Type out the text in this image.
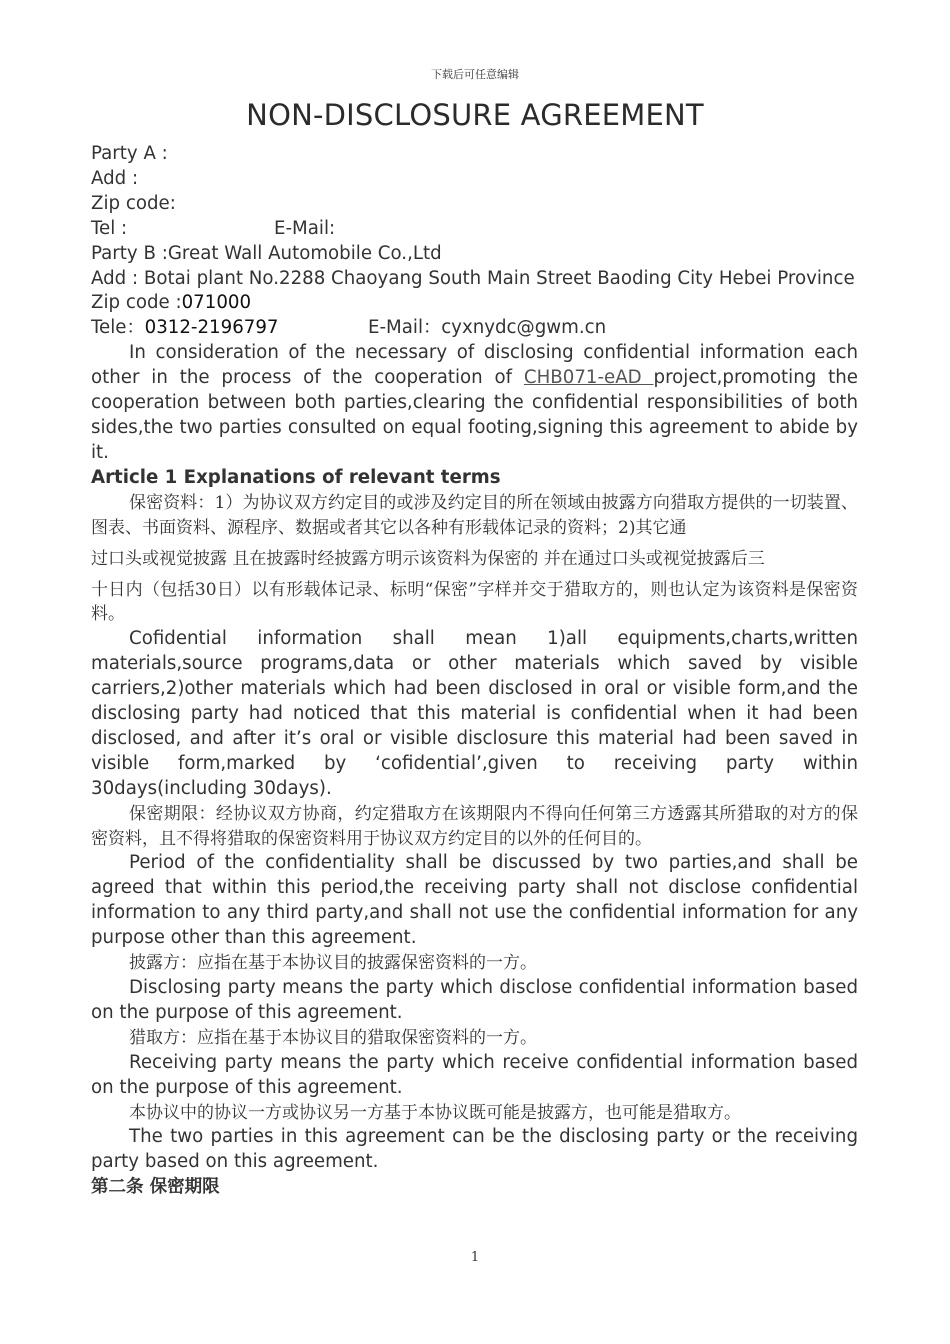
下载后可任意编辑
NON-DISCLOSURE AGREEMENT
Party A :
Add :
Zip code:
Tel :	E-Mail:
Party B :Great Wall Automobile Co.,Ltd
Add : Botai plant No.2288 Chaoyang South Main Street Baoding City Hebei Province
Zip code :071000
Tele：0312-2196797	E-Mail：cyxnydc@gwm.cn
In consideration of the necessary of disclosing confidential information each other in the process of the cooperation of CHB071-eAD project,promoting the cooperation between both parties,clearing the confidential responsibilities of both sides,the two parties consulted on equal footing,signing this agreement to abide by it.
Article 1 Explanations of relevant terms
保密资料：1）为协议双方约定目的或涉及约定目的所在领域由披露方向猎取方提供的一切装置、图表、书面资料、源程序、数据或者其它以各种有形载体记录的资料；2)其它通
过口头或视觉披露 且在披露时经披露方明示该资料为保密的 并在通过口头或视觉披露后三
十日内（包括30日）以有形载体记录、标明“保密”字样并交于猎取方的，则也认定为该资料是保密资料。
Cofidential information shall mean 1)all equipments,charts,written materials,source programs,data or other materials which saved by visible carriers,2)other materials which had been disclosed in oral or visible form,and the disclosing party had noticed that this material is confidential when it had been disclosed, and after it’s oral or visible disclosure this material had been saved in visible form,marked by ‘cofidential’,given to receiving party within 30days(including 30days).
保密期限：经协议双方协商，约定猎取方在该期限内不得向任何第三方透露其所猎取的对方的保密资料，且不得将猎取的保密资料用于协议双方约定目的以外的任何目的。
Period of the confidentiality shall be discussed by two parties,and shall be agreed that within this period,the receiving party shall not disclose confidential information to any third party,and shall not use the confidential information for any purpose other than this agreement.
披露方：应指在基于本协议目的披露保密资料的一方。
Disclosing party means the party which disclose confidential information based on the purpose of this agreement.
猎取方：应指在基于本协议目的猎取保密资料的一方。
Receiving party means the party which receive confidential information based on the purpose of this agreement.
本协议中的协议一方或协议另一方基于本协议既可能是披露方，也可能是猎取方。
The two parties in this agreement can be the disclosing party or the receiving party based on this agreement.
第二条 保密期限
1
